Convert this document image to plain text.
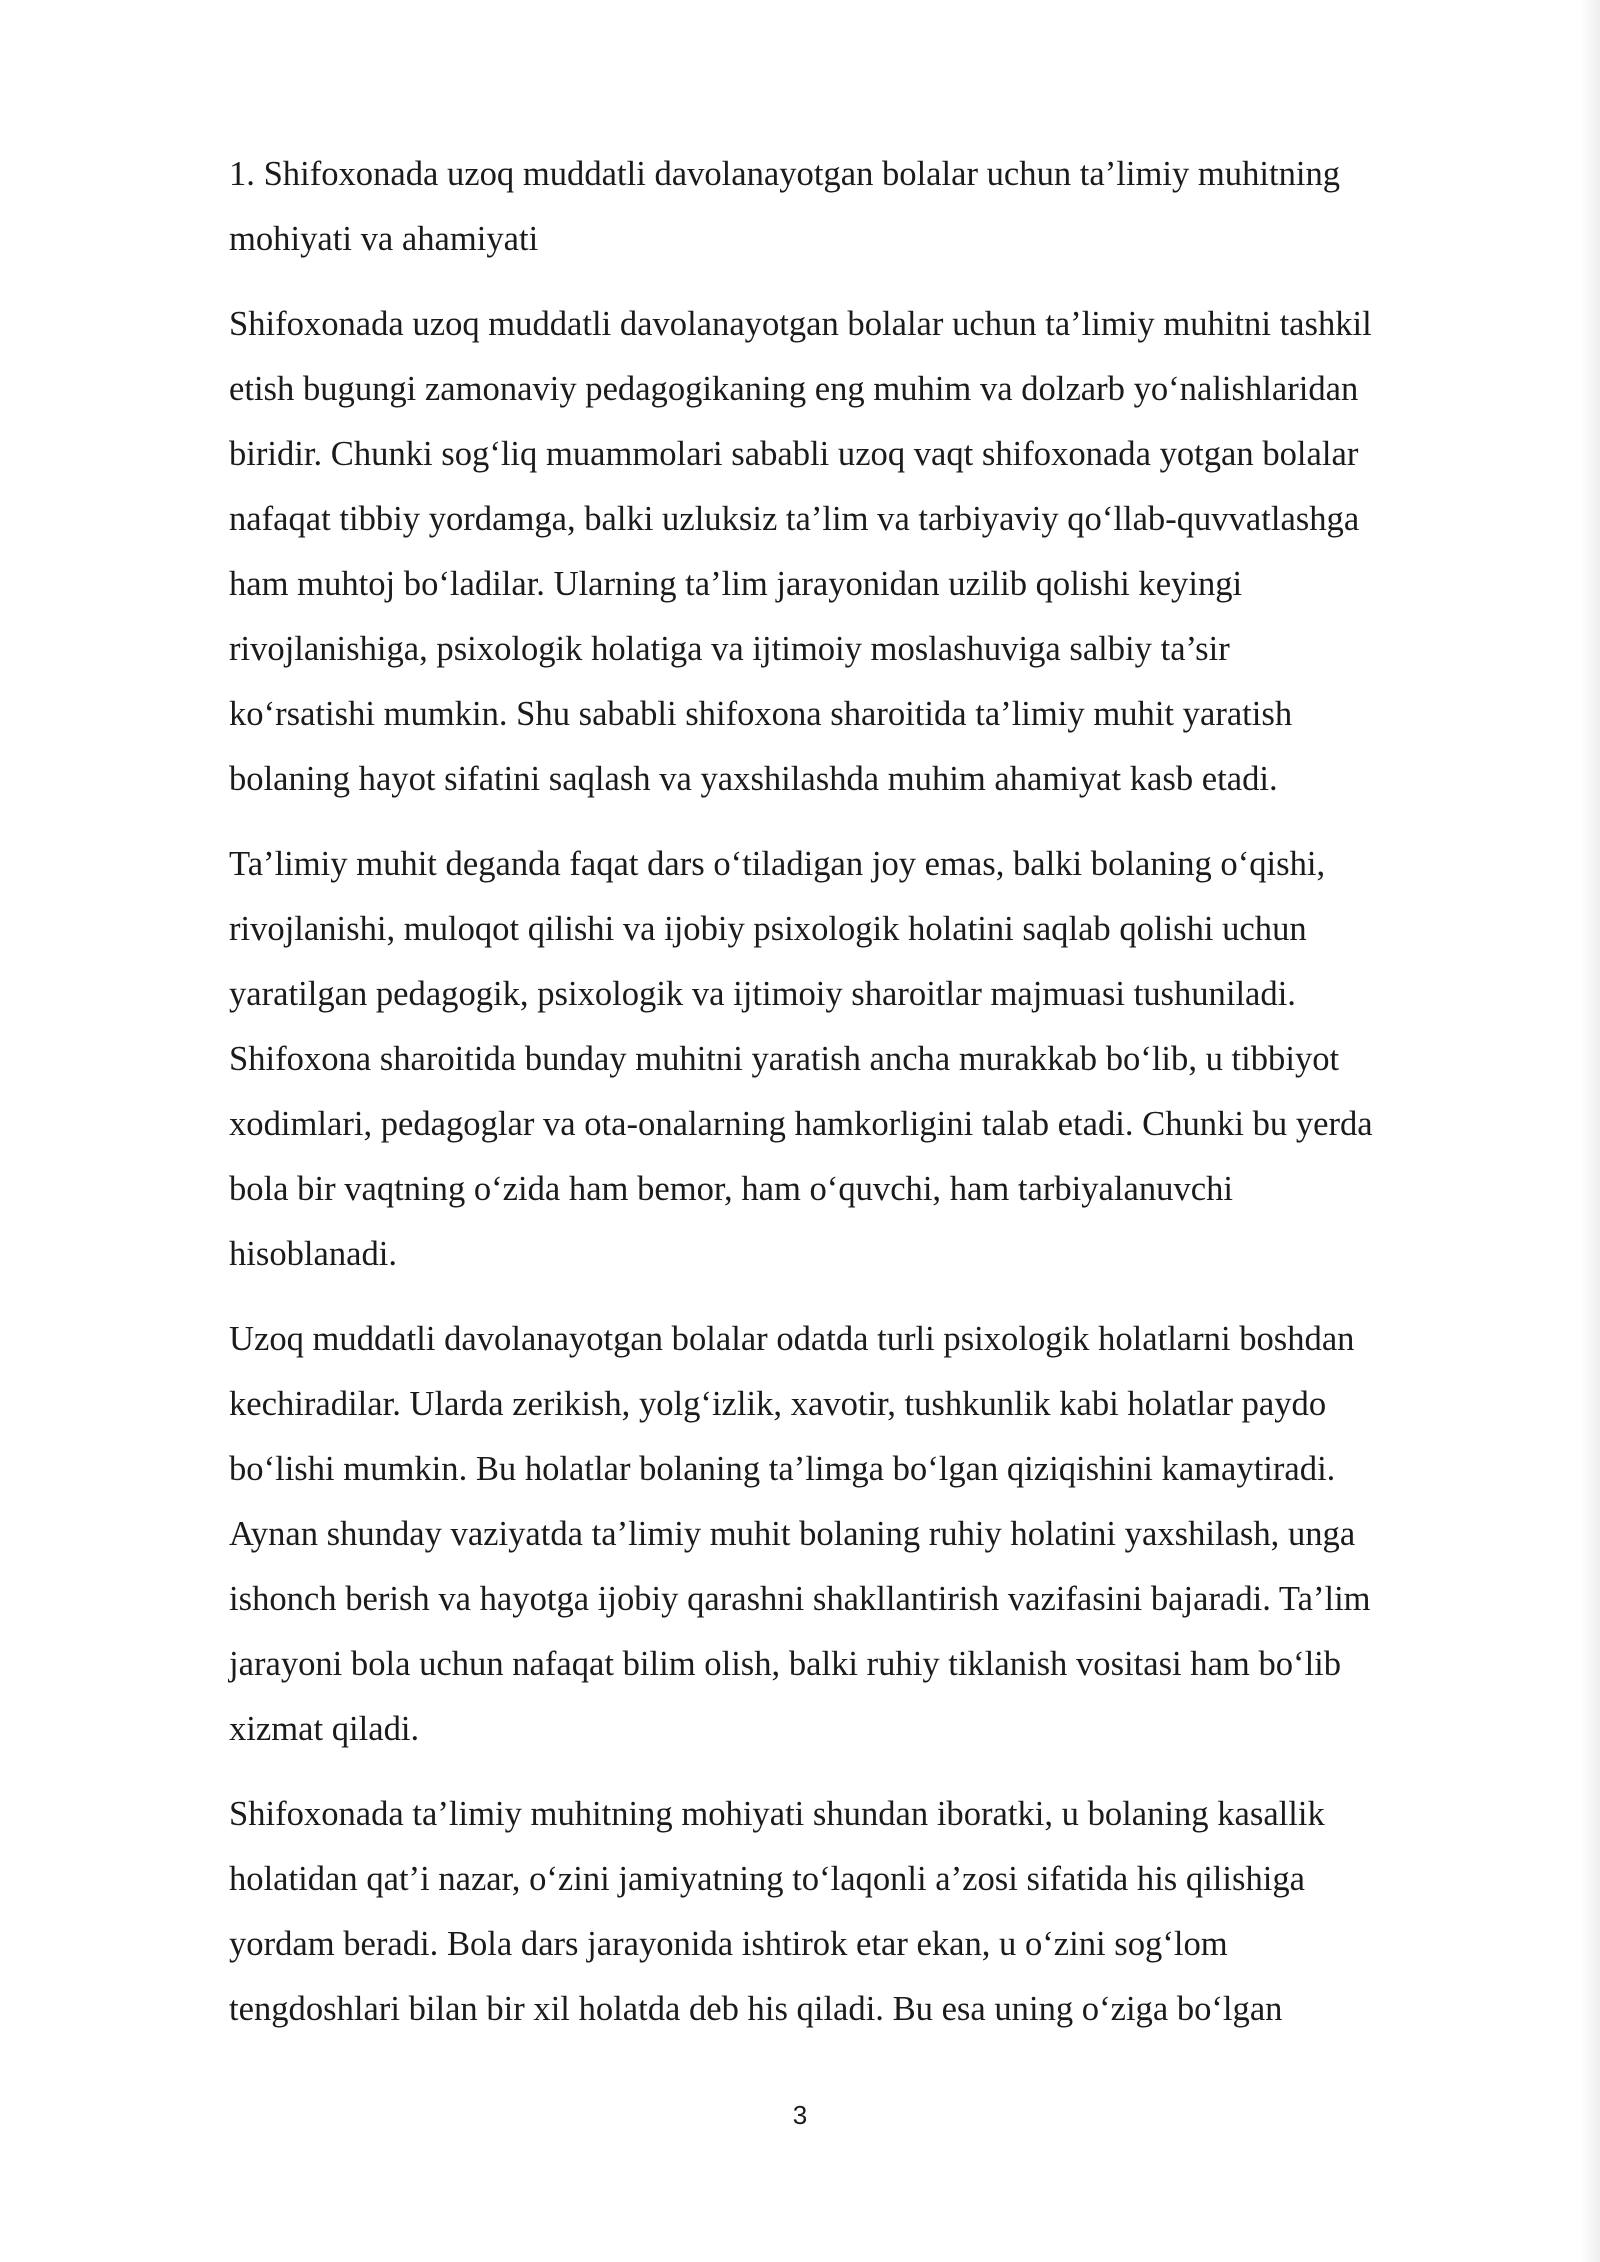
1. Shifoxonada uzoq muddatli davolanayotgan bolalar uchun ta’limiy muhitning
mohiyati va ahamiyati

Shifoxonada uzoq muddatli davolanayotgan bolalar uchun ta’limiy muhitni tashkil
etish bugungi zamonaviy pedagogikaning eng muhim va dolzarb yo‘nalishlaridan
biridir. Chunki sog‘liq muammolari sababli uzoq vaqt shifoxonada yotgan bolalar
nafaqat tibbiy yordamga, balki uzluksiz ta’lim va tarbiyaviy qo‘llab-quvvatlashga
ham muhtoj bo‘ladilar. Ularning ta’lim jarayonidan uzilib qolishi keyingi
rivojlanishiga, psixologik holatiga va ijtimoiy moslashuviga salbiy ta’sir
ko‘rsatishi mumkin. Shu sababli shifoxona sharoitida ta’limiy muhit yaratish
bolaning hayot sifatini saqlash va yaxshilashda muhim ahamiyat kasb etadi.

Ta’limiy muhit deganda faqat dars o‘tiladigan joy emas, balki bolaning o‘qishi,
rivojlanishi, muloqot qilishi va ijobiy psixologik holatini saqlab qolishi uchun
yaratilgan pedagogik, psixologik va ijtimoiy sharoitlar majmuasi tushuniladi.
Shifoxona sharoitida bunday muhitni yaratish ancha murakkab bo‘lib, u tibbiyot
xodimlari, pedagoglar va ota-onalarning hamkorligini talab etadi. Chunki bu yerda
bola bir vaqtning o‘zida ham bemor, ham o‘quvchi, ham tarbiyalanuvchi
hisoblanadi.

Uzoq muddatli davolanayotgan bolalar odatda turli psixologik holatlarni boshdan
kechiradilar. Ularda zerikish, yolg‘izlik, xavotir, tushkunlik kabi holatlar paydo
bo‘lishi mumkin. Bu holatlar bolaning ta’limga bo‘lgan qiziqishini kamaytiradi.
Aynan shunday vaziyatda ta’limiy muhit bolaning ruhiy holatini yaxshilash, unga
ishonch berish va hayotga ijobiy qarashni shakllantirish vazifasini bajaradi. Ta’lim
jarayoni bola uchun nafaqat bilim olish, balki ruhiy tiklanish vositasi ham bo‘lib
xizmat qiladi.

Shifoxonada ta’limiy muhitning mohiyati shundan iboratki, u bolaning kasallik
holatidan qat’i nazar, o‘zini jamiyatning to‘laqonli a’zosi sifatida his qilishiga
yordam beradi. Bola dars jarayonida ishtirok etar ekan, u o‘zini sog‘lom
tengdoshlari bilan bir xil holatda deb his qiladi. Bu esa uning o‘ziga bo‘lgan

3
